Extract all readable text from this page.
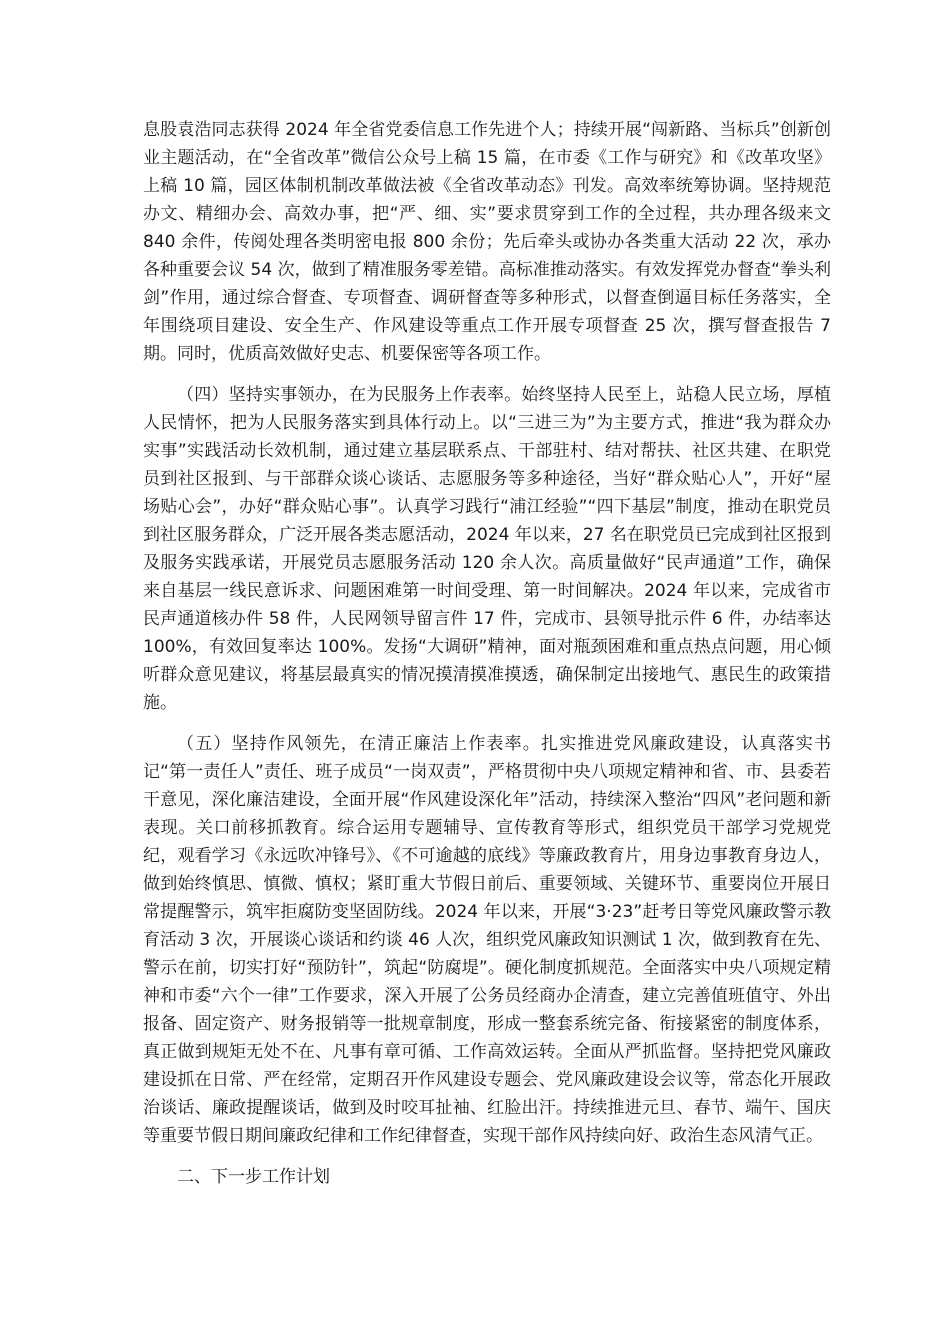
息股袁浩同志获得 2024 年全省党委信息工作先进个人；持续开展“闯新路、当标兵”创新创业主题活动，在“全省改革”微信公众号上稿 15 篇，在市委《工作与研究》和《改革攻坚》上稿 10 篇，园区体制机制改革做法被《全省改革动态》刊发。高效率统筹协调。坚持规范办文、精细办会、高效办事，把“严、细、实”要求贯穿到工作的全过程，共办理各级来文 840 余件，传阅处理各类明密电报 800 余份；先后牵头或协办各类重大活动 22 次，承办各种重要会议 54 次，做到了精准服务零差错。高标准推动落实。有效发挥党办督查“拳头利剑”作用，通过综合督查、专项督查、调研督查等多种形式，以督查倒逼目标任务落实，全年围绕项目建设、安全生产、作风建设等重点工作开展专项督查 25 次，撰写督查报告 7 期。同时，优质高效做好史志、机要保密等各项工作。

（四）坚持实事领办，在为民服务上作表率。始终坚持人民至上，站稳人民立场，厚植人民情怀，把为人民服务落实到具体行动上。以“三进三为”为主要方式，推进“我为群众办实事”实践活动长效机制，通过建立基层联系点、干部驻村、结对帮扶、社区共建、在职党员到社区报到、与干部群众谈心谈话、志愿服务等多种途径，当好“群众贴心人”，开好“屋场贴心会”，办好“群众贴心事”。认真学习践行“浦江经验”“四下基层”制度，推动在职党员到社区服务群众，广泛开展各类志愿活动，2024 年以来，27 名在职党员已完成到社区报到及服务实践承诺，开展党员志愿服务活动 120 余人次。高质量做好“民声通道”工作，确保来自基层一线民意诉求、问题困难第一时间受理、第一时间解决。2024 年以来，完成省市民声通道核办件 58 件，人民网领导留言件 17 件，完成市、县领导批示件 6 件，办结率达 100%，有效回复率达 100%。发扬“大调研”精神，面对瓶颈困难和重点热点问题，用心倾听群众意见建议，将基层最真实的情况摸清摸准摸透，确保制定出接地气、惠民生的政策措施。

（五）坚持作风领先，在清正廉洁上作表率。扎实推进党风廉政建设，认真落实书记“第一责任人”责任、班子成员“一岗双责”，严格贯彻中央八项规定精神和省、市、县委若干意见，深化廉洁建设，全面开展“作风建设深化年”活动，持续深入整治“四风”老问题和新表现。关口前移抓教育。综合运用专题辅导、宣传教育等形式，组织党员干部学习党规党纪，观看学习《永远吹冲锋号》、《不可逾越的底线》等廉政教育片，用身边事教育身边人，做到始终慎思、慎微、慎权；紧盯重大节假日前后、重要领域、关键环节、重要岗位开展日常提醒警示，筑牢拒腐防变坚固防线。2024 年以来，开展“3·23”赶考日等党风廉政警示教育活动 3 次，开展谈心谈话和约谈 46 人次，组织党风廉政知识测试 1 次，做到教育在先、警示在前，切实打好“预防针”，筑起“防腐堤”。硬化制度抓规范。全面落实中央八项规定精神和市委“六个一律”工作要求，深入开展了公务员经商办企清查，建立完善值班值守、外出报备、固定资产、财务报销等一批规章制度，形成一整套系统完备、衔接紧密的制度体系，真正做到规矩无处不在、凡事有章可循、工作高效运转。全面从严抓监督。坚持把党风廉政建设抓在日常、严在经常，定期召开作风建设专题会、党风廉政建设会议等，常态化开展政治谈话、廉政提醒谈话，做到及时咬耳扯袖、红脸出汗。持续推进元旦、春节、端午、国庆等重要节假日期间廉政纪律和工作纪律督查，实现干部作风持续向好、政治生态风清气正。

二、下一步工作计划
